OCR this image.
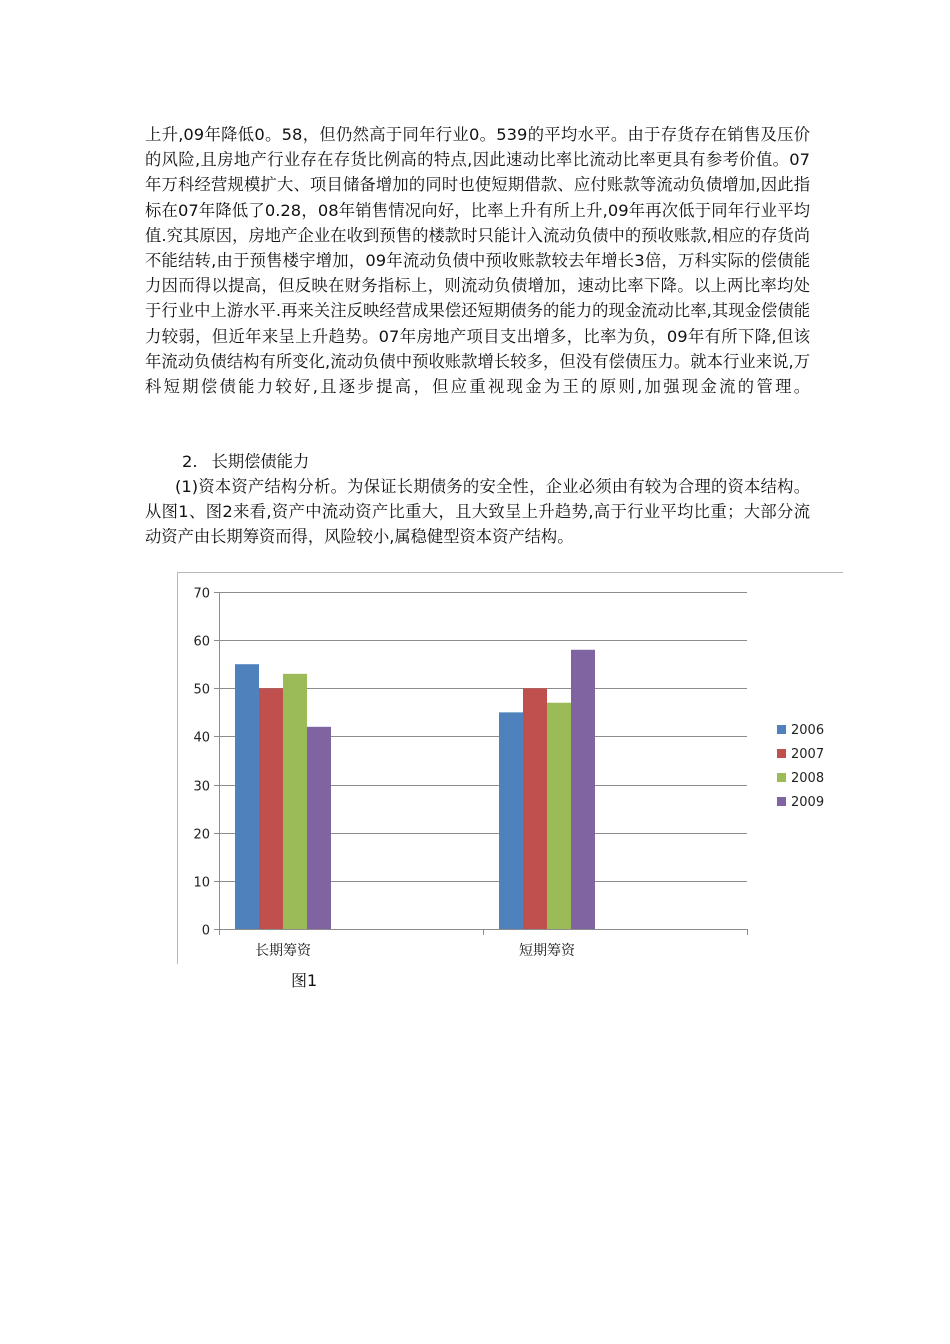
上升,09年降低0。58，但仍然高于同年行业0。539的平均水平。由于存货存在销售及压价的风险,且房地产行业存在存货比例高的特点,因此速动比率比流动比率更具有参考价值。07年万科经营规模扩大、项目储备增加的同时也使短期借款、应付账款等流动负债增加,因此指标在07年降低了0.28，08年销售情况向好，比率上升有所上升,09年再次低于同年行业平均值.究其原因，房地产企业在收到预售的楼款时只能计入流动负债中的预收账款,相应的存货尚不能结转,由于预售楼宇增加，09年流动负债中预收账款较去年增长3倍，万科实际的偿债能力因而得以提高，但反映在财务指标上，则流动负债增加，速动比率下降。以上两比率均处于行业中上游水平.再来关注反映经营成果偿还短期债务的能力的现金流动比率,其现金偿债能力较弱，但近年来呈上升趋势。07年房地产项目支出增多，比率为负，09年有所下降,但该年流动负债结构有所变化,流动负债中预收账款增长较多，但没有偿债压力。就本行业来说,万科短期偿债能力较好,且逐步提高，但应重视现金为王的原则,加强现金流的管理。
2. 长期偿债能力
(1)资本资产结构分析。为保证长期债务的安全性，企业必须由有较为合理的资本结构。从图1、图2来看,资产中流动资产比重大，且大致呈上升趋势,高于行业平均比重；大部分流动资产由长期筹资而得，风险较小,属稳健型资本资产结构。
0
10
20
30
40
50
60
70
长期筹资	短期筹资
2006
2007
2008
2009
图1
